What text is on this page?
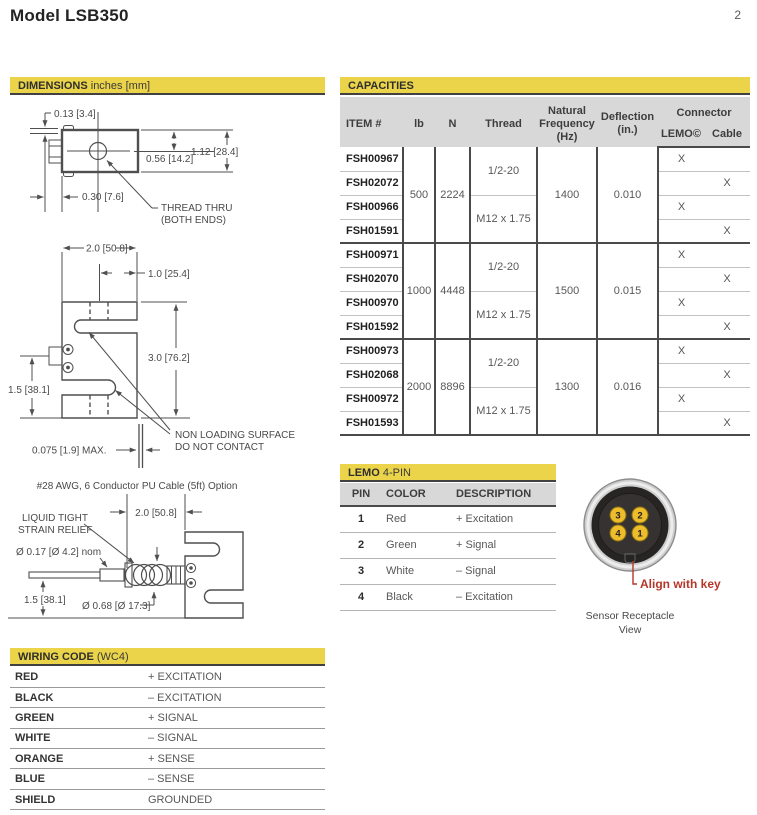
Model LSB350	2
DIMENSIONS inches [mm]	CAPACITIES
ITEM #	lb	N	Thread	Natural
Frequency
(Hz)	Deflection
(in.)	Connector	
						LEMO©	Cable
FSH00967	500	2224	1/2-20	1400	0.010	X	
FSH02072							X
FSH00966			M12 x 1.75			X	
FSH01591							X
FSH00971	1000	4448	1/2-20	1500	0.015	X	
FSH02070							X
FSH00970			M12 x 1.75			X	
FSH01592							X
FSH00973	2000	8896	1/2-20	1300	0.016	X	
FSH02068							X
FSH00972			M12 x 1.75			X	
FSH01593							X
0.13 [3.4]
0.56 [14.2]
1.12 [28.4]
0.30 [7.6]
THREAD THRU
(BOTH ENDS)
2.0 [50.8]
1.0 [25.4]
3.0 [76.2]
1.5 [38.1]
0.075 [1.9] MAX.
NON LOADING SURFACE
DO NOT CONTACT
#28 AWG, 6 Conductor PU Cable (5ft) Option
LIQUID TIGHT
STRAIN RELIEF
2.0 [50.8]
Ø 0.17 [Ø 4.2] nom
1.5 [38.1]
Ø 0.68 [Ø 17.3]
LEMO 4-PIN
PIN	COLOR	DESCRIPTION
1	Red	+ Excitation
2	Green	+ Signal
3	White	– Signal
4	Black	– Excitation
3 2
4 1
Align with key
Sensor Receptacle
View
WIRING CODE (WC4)
RED	+ EXCITATION
BLACK	– EXCITATION
GREEN	+ SIGNAL
WHITE	– SIGNAL
ORANGE	+ SENSE
BLUE	– SENSE
SHIELD	GROUNDED
